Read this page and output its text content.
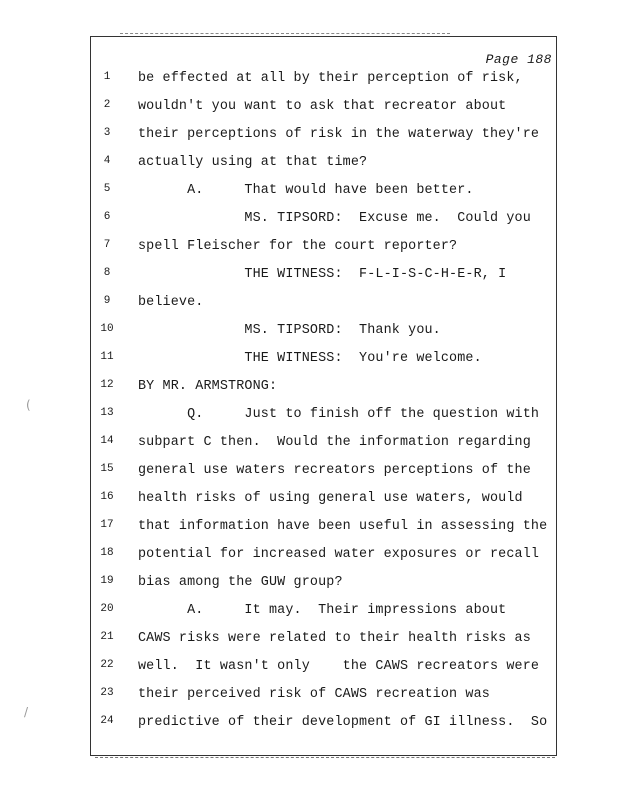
Page 188
(
/
1	be effected at all by their perception of risk,
2	wouldn't you want to ask that recreator about
3	their perceptions of risk in the waterway they're
4	actually using at that time?
5	A.     That would have been better.
6	MS. TIPSORD:  Excuse me.  Could you
7	spell Fleischer for the court reporter?
8	THE WITNESS:  F-L-I-S-C-H-E-R, I
9	believe.
10	MS. TIPSORD:  Thank you.
11	THE WITNESS:  You're welcome.
12	BY MR. ARMSTRONG:
13	Q.     Just to finish off the question with
14	subpart C then.  Would the information regarding
15	general use waters recreators perceptions of the
16	health risks of using general use waters, would
17	that information have been useful in assessing the
18	potential for increased water exposures or recall
19	bias among the GUW group?
20	A.     It may.  Their impressions about
21	CAWS risks were related to their health risks as
22	well.  It wasn't only    the CAWS recreators were
23	their perceived risk of CAWS recreation was
24	predictive of their development of GI illness.  So
